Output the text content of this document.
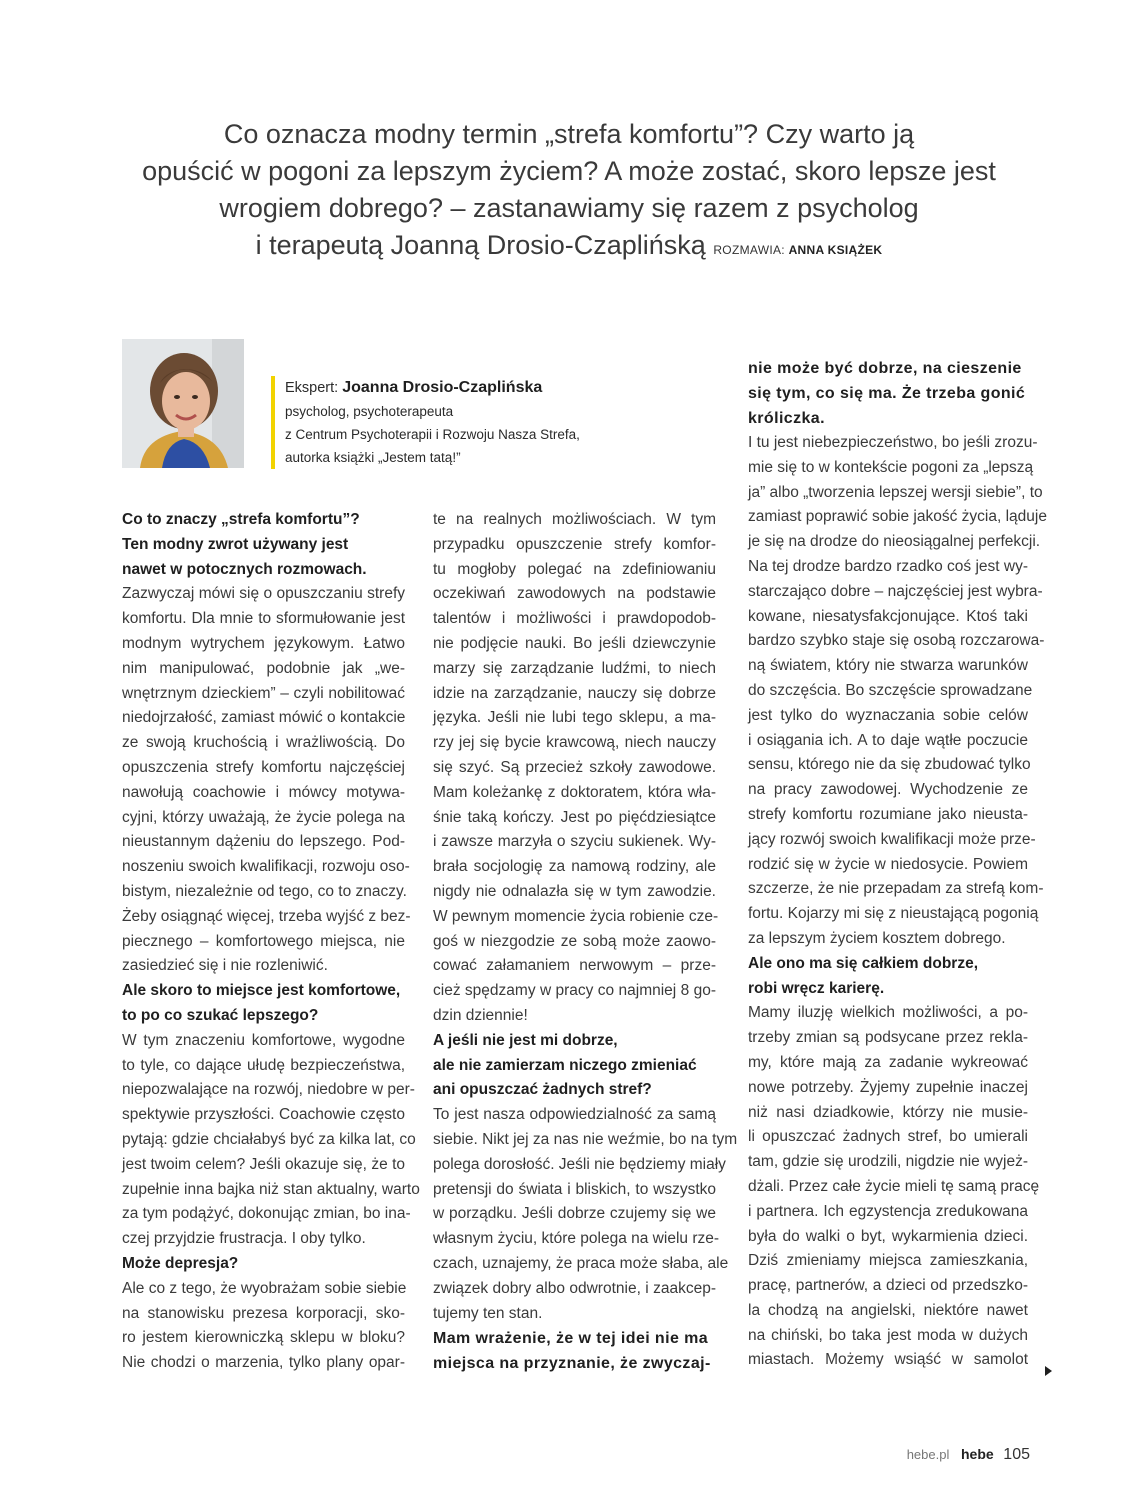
Co oznacza modny termin „strefa komfortu”? Czy warto ją
opuścić w pogoni za lepszym życiem? A może zostać, skoro lepsze jest
wrogiem dobrego? – zastanawiamy się razem z psycholog
i terapeutą Joanną Drosio-Czaplińską ROZMAWIA: ANNA KSIĄŻEK

Ekspert: Joanna Drosio-Czaplińska
psycholog, psychoterapeuta
z Centrum Psychoterapii i Rozwoju Nasza Strefa,
autorka książki „Jestem tatą!”
Co to znaczy „strefa komfortu”?
Ten modny zwrot używany jest
nawet w potocznych rozmowach.
Zazwyczaj mówi się o opuszczaniu strefy
komfortu. Dla mnie to sformułowanie jest
modnym wytrychem językowym. Łatwo
nim manipulować, podobnie jak „we-
wnętrznym dzieckiem” – czyli nobilitować
niedojrzałość, zamiast mówić o kontakcie
ze swoją kruchością i wrażliwością. Do
opuszczenia strefy komfortu najczęściej
nawołują coachowie i mówcy motywa-
cyjni, którzy uważają, że życie polega na
nieustannym dążeniu do lepszego. Pod-
noszeniu swoich kwalifikacji, rozwoju oso-
bistym, niezależnie od tego, co to znaczy.
Żeby osiągnąć więcej, trzeba wyjść z bez-
piecznego – komfortowego miejsca, nie
zasiedzieć się i nie rozleniwić.
Ale skoro to miejsce jest komfortowe,
to po co szukać lepszego?
W tym znaczeniu komfortowe, wygodne
to tyle, co dające ułudę bezpieczeństwa,
niepozwalające na rozwój, niedobre w per-
spektywie przyszłości. Coachowie często
pytają: gdzie chciałabyś być za kilka lat, co
jest twoim celem? Jeśli okazuje się, że to
zupełnie inna bajka niż stan aktualny, warto
za tym podążyć, dokonując zmian, bo ina-
czej przyjdzie frustracja. I oby tylko.
Może depresja?
Ale co z tego, że wyobrażam sobie siebie
na stanowisku prezesa korporacji, sko-
ro jestem kierowniczką sklepu w bloku?
Nie chodzi o marzenia, tylko plany opar-
te na realnych możliwościach. W tym
przypadku opuszczenie strefy komfor-
tu mogłoby polegać na zdefiniowaniu
oczekiwań zawodowych na podstawie
talentów i możliwości i prawdopodob-
nie podjęcie nauki. Bo jeśli dziewczynie
marzy się zarządzanie ludźmi, to niech
idzie na zarządzanie, nauczy się dobrze
języka. Jeśli nie lubi tego sklepu, a ma-
rzy jej się bycie krawcową, niech nauczy
się szyć. Są przecież szkoły zawodowe.
Mam koleżankę z doktoratem, która wła-
śnie taką kończy. Jest po pięćdziesiątce
i zawsze marzyła o szyciu sukienek. Wy-
brała socjologię za namową rodziny, ale
nigdy nie odnalazła się w tym zawodzie.
W pewnym momencie życia robienie cze-
goś w niezgodzie ze sobą może zaowo-
cować załamaniem nerwowym – prze-
cież spędzamy w pracy co najmniej 8 go-
dzin dziennie!
A jeśli nie jest mi dobrze,
ale nie zamierzam niczego zmieniać
ani opuszczać żadnych stref?
To jest nasza odpowiedzialność za samą
siebie. Nikt jej za nas nie weźmie, bo na tym
polega dorosłość. Jeśli nie będziemy miały
pretensji do świata i bliskich, to wszystko
w porządku. Jeśli dobrze czujemy się we
własnym życiu, które polega na wielu rze-
czach, uznajemy, że praca może słaba, ale
związek dobry albo odwrotnie, i zaakcep-
tujemy ten stan.
Mam wrażenie, że w tej idei nie ma
miejsca na przyznanie, że zwyczaj-
nie może być dobrze, na cieszenie
się tym, co się ma. Że trzeba gonić
króliczka.
I tu jest niebezpieczeństwo, bo jeśli zrozu-
mie się to w kontekście pogoni za „lepszą
ja” albo „tworzenia lepszej wersji siebie”, to
zamiast poprawić sobie jakość życia, ląduje
je się na drodze do nieosiągalnej perfekcji.
Na tej drodze bardzo rzadko coś jest wy-
starczająco dobre – najczęściej jest wybra-
kowane, niesatysfakcjonujące. Ktoś taki
bardzo szybko staje się osobą rozczarowa-
ną światem, który nie stwarza warunków
do szczęścia. Bo szczęście sprowadzane
jest tylko do wyznaczania sobie celów
i osiągania ich. A to daje wątłe poczucie
sensu, którego nie da się zbudować tylko
na pracy zawodowej. Wychodzenie ze
strefy komfortu rozumiane jako nieusta-
jący rozwój swoich kwalifikacji może prze-
rodzić się w życie w niedosycie. Powiem
szczerze, że nie przepadam za strefą kom-
fortu. Kojarzy mi się z nieustającą pogonią
za lepszym życiem kosztem dobrego.
Ale ono ma się całkiem dobrze,
robi wręcz karierę.
Mamy iluzję wielkich możliwości, a po-
trzeby zmian są podsycane przez rekla-
my, które mają za zadanie wykreować
nowe potrzeby. Żyjemy zupełnie inaczej
niż nasi dziadkowie, którzy nie musie-
li opuszczać żadnych stref, bo umierali
tam, gdzie się urodzili, nigdzie nie wyjeż-
dżali. Przez całe życie mieli tę samą pracę
i partnera. Ich egzystencja zredukowana
była do walki o byt, wykarmienia dzieci.
Dziś zmieniamy miejsca zamieszkania,
pracę, partnerów, a dzieci od przedszko-
la chodzą na angielski, niektóre nawet
na chiński, bo taka jest moda w dużych
miastach. Możemy wsiąść w samolot
hebe.pl hebe 105
